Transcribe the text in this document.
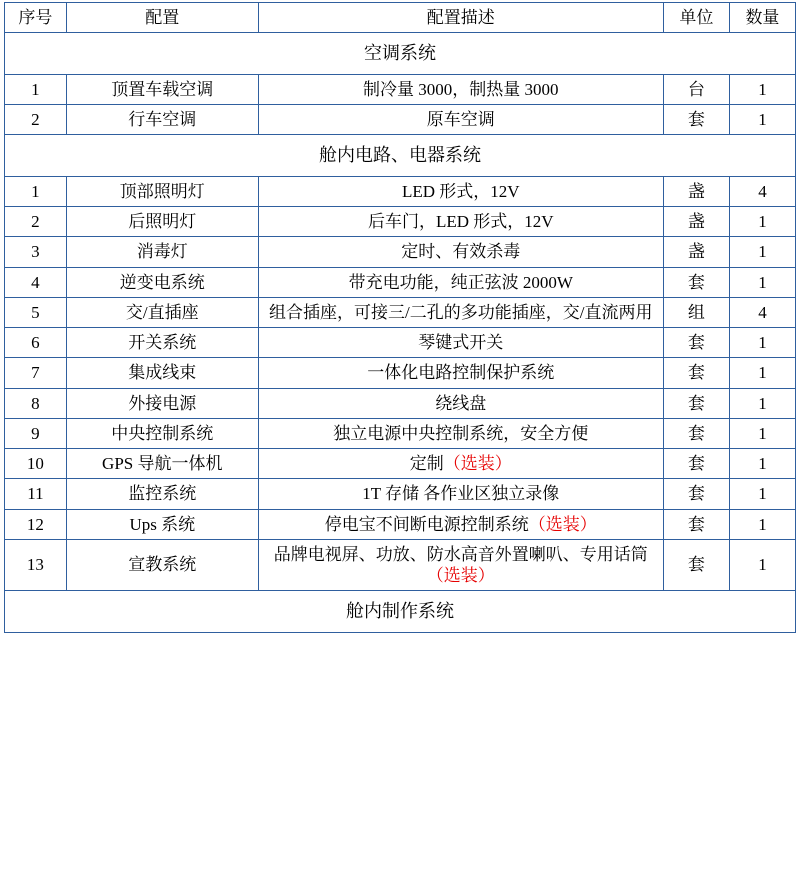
序号	配置	配置描述	单位	数量
空调系统				
1	顶置车载空调	制冷量 3000，制热量 3000	台	1
2	行车空调	原车空调	套	1
舱内电路、电器系统				
1	顶部照明灯	LED 形式，12V	盏	4
2	后照明灯	后车门，LED 形式，12V	盏	1
3	消毒灯	定时、有效杀毒	盏	1
4	逆变电系统	带充电功能，纯正弦波 2000W	套	1
5	交/直插座	组合插座，可接三/二孔的多功能插座，交/直流两用	组	4
6	开关系统	琴键式开关	套	1
7	集成线束	一体化电路控制保护系统	套	1
8	外接电源	绕线盘	套	1
9	中央控制系统	独立电源中央控制系统，安全方便	套	1
10	GPS 导航一体机	定制（选装）	套	1
11	监控系统	1T 存储 各作业区独立录像	套	1
12	Ups 系统	停电宝不间断电源控制系统（选装）	套	1
13	宣教系统	品牌电视屏、功放、防水高音外置喇叭、专用话筒（选装）	套	1
舱内制作系统				
